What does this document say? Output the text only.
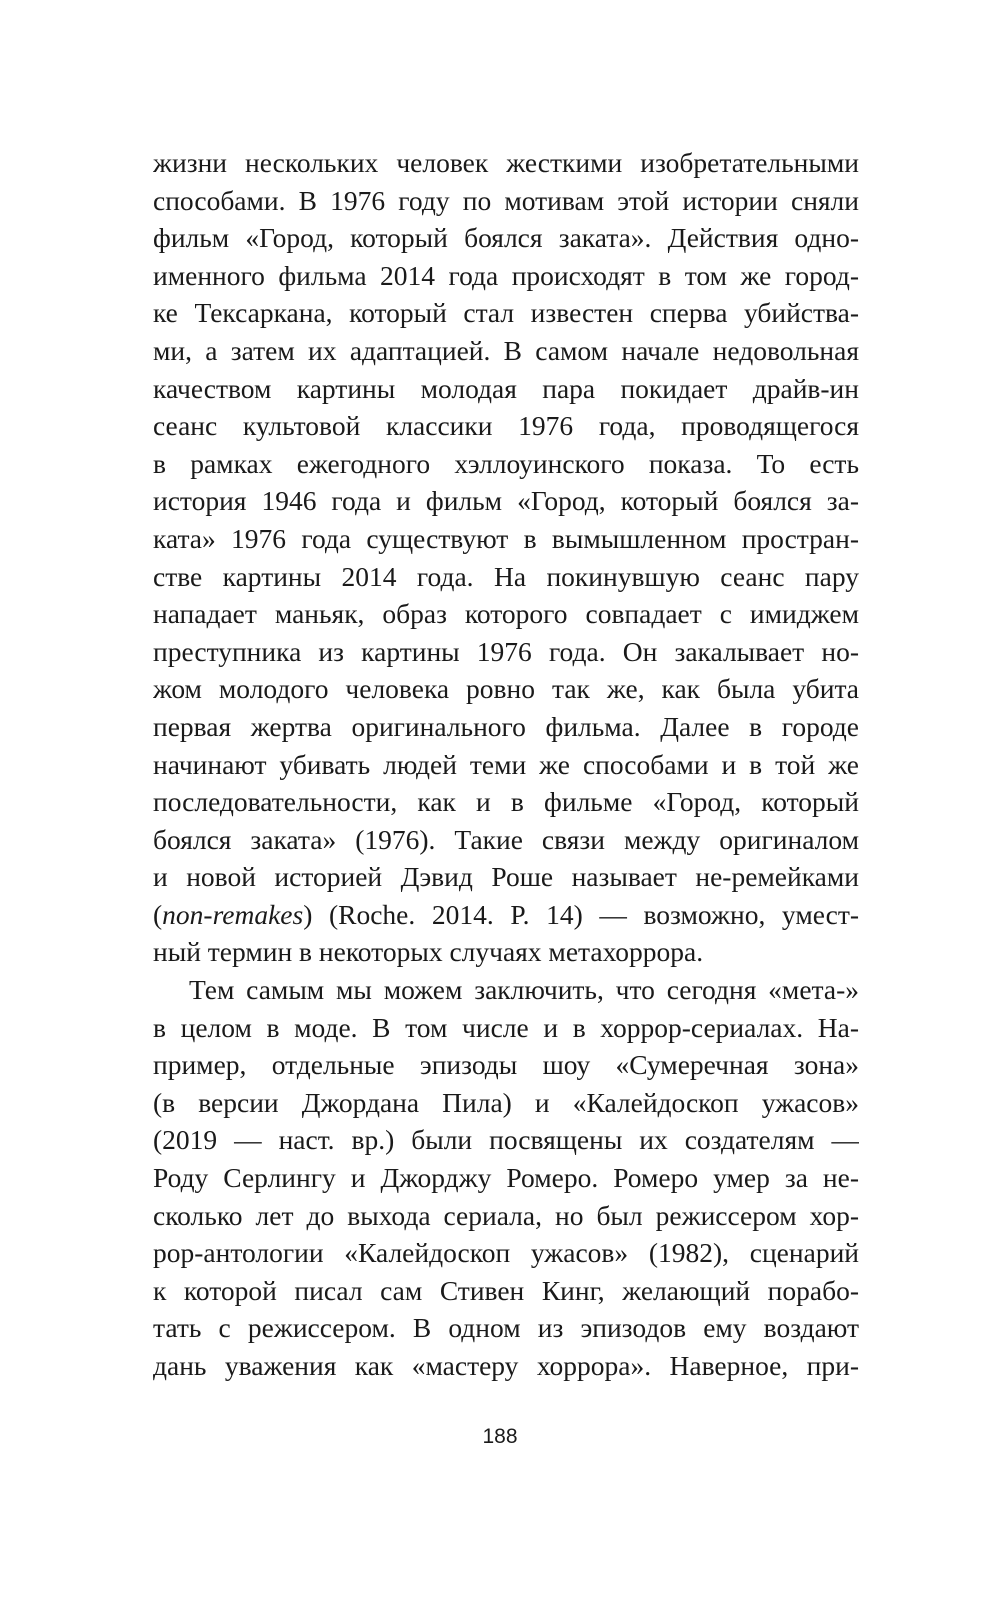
жизни нескольких человек жесткими изобретательными
способами. В 1976 году по мотивам этой истории сняли
фильм «Город, который боялся заката». Действия одно-
именного фильма 2014 года происходят в том же город-
ке Тексаркана, который стал известен сперва убийства-
ми, а затем их адаптацией. В самом начале недовольная
качеством картины молодая пара покидает драйв-ин
сеанс культовой классики 1976 года, проводящегося
в рамках ежегодного хэллоуинского показа. То есть
история 1946 года и фильм «Город, который боялся за-
ката» 1976 года существуют в вымышленном простран-
стве картины 2014 года. На покинувшую сеанс пару
нападает маньяк, образ которого совпадает с имиджем
преступника из картины 1976 года. Он закалывает но-
жом молодого человека ровно так же, как была убита
первая жертва оригинального фильма. Далее в городе
начинают убивать людей теми же способами и в той же
последовательности, как и в фильме «Город, который
боялся заката» (1976). Такие связи между оригиналом
и новой историей Дэвид Роше называет не-ремейками
(non-remakes) (Roche. 2014. P. 14) — возможно, умест-
ный термин в некоторых случаях метахоррора.
Тем самым мы можем заключить, что сегодня «мета-»
в целом в моде. В том числе и в хоррор-сериалах. На-
пример, отдельные эпизоды шоу «Сумеречная зона»
(в версии Джордана Пила) и «Калейдоскоп ужасов»
(2019 — наст. вр.) были посвящены их создателям —
Роду Серлингу и Джорджу Ромеро. Ромеро умер за не-
сколько лет до выхода сериала, но был режиссером хор-
рор-антологии «Калейдоскоп ужасов» (1982), сценарий
к которой писал сам Стивен Кинг, желающий порабо-
тать с режиссером. В одном из эпизодов ему воздают
дань уважения как «мастеру хоррора». Наверное, при-
188
